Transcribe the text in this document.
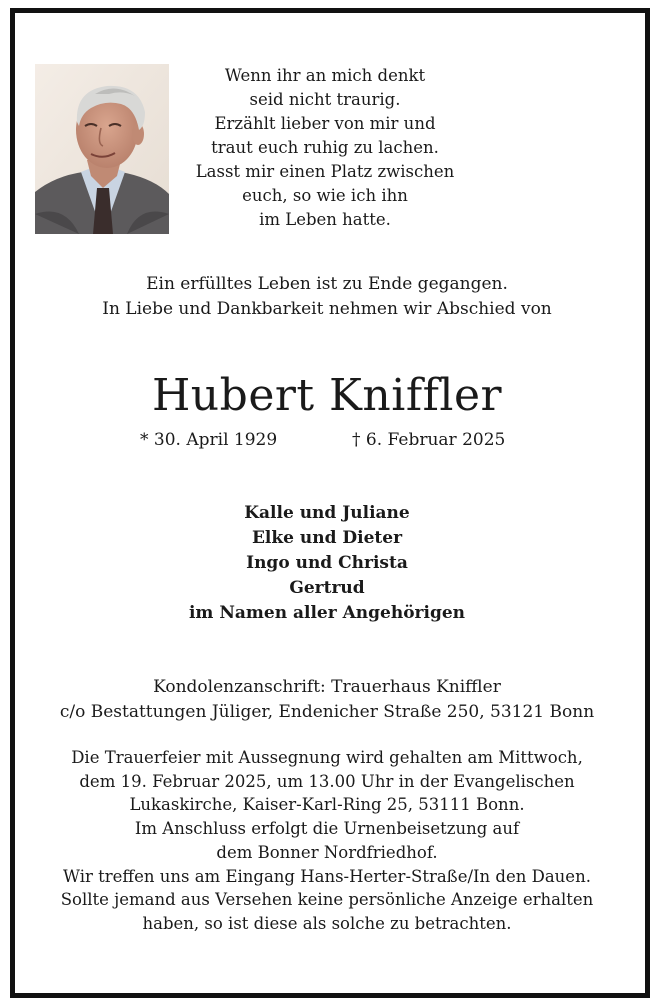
Wenn ihr an mich denkt
seid nicht traurig.
Erzählt lieber von mir und
traut euch ruhig zu lachen.
Lasst mir einen Platz zwischen
euch, so wie ich ihn
im Leben hatte.
Ein erfülltes Leben ist zu Ende gegangen.
In Liebe und Dankbarkeit nehmen wir Abschied von
Hubert Kniffler
* 30. April 1929	† 6. Februar 2025
Kalle und Juliane
Elke und Dieter
Ingo und Christa
Gertrud
im Namen aller Angehörigen
Kondolenzanschrift: Trauerhaus Kniffler
c/o Bestattungen Jüliger, Endenicher Straße 250, 53121 Bonn
Die Trauerfeier mit Aussegnung wird gehalten am Mittwoch,
dem 19. Februar 2025, um 13.00 Uhr in der Evangelischen
Lukaskirche, Kaiser-Karl-Ring 25, 53111 Bonn.
Im Anschluss erfolgt die Urnenbeisetzung auf
dem Bonner Nordfriedhof.
Wir treffen uns am Eingang Hans-Herter-Straße/In den Dauen.
Sollte jemand aus Versehen keine persönliche Anzeige erhalten
haben, so ist diese als solche zu betrachten.
